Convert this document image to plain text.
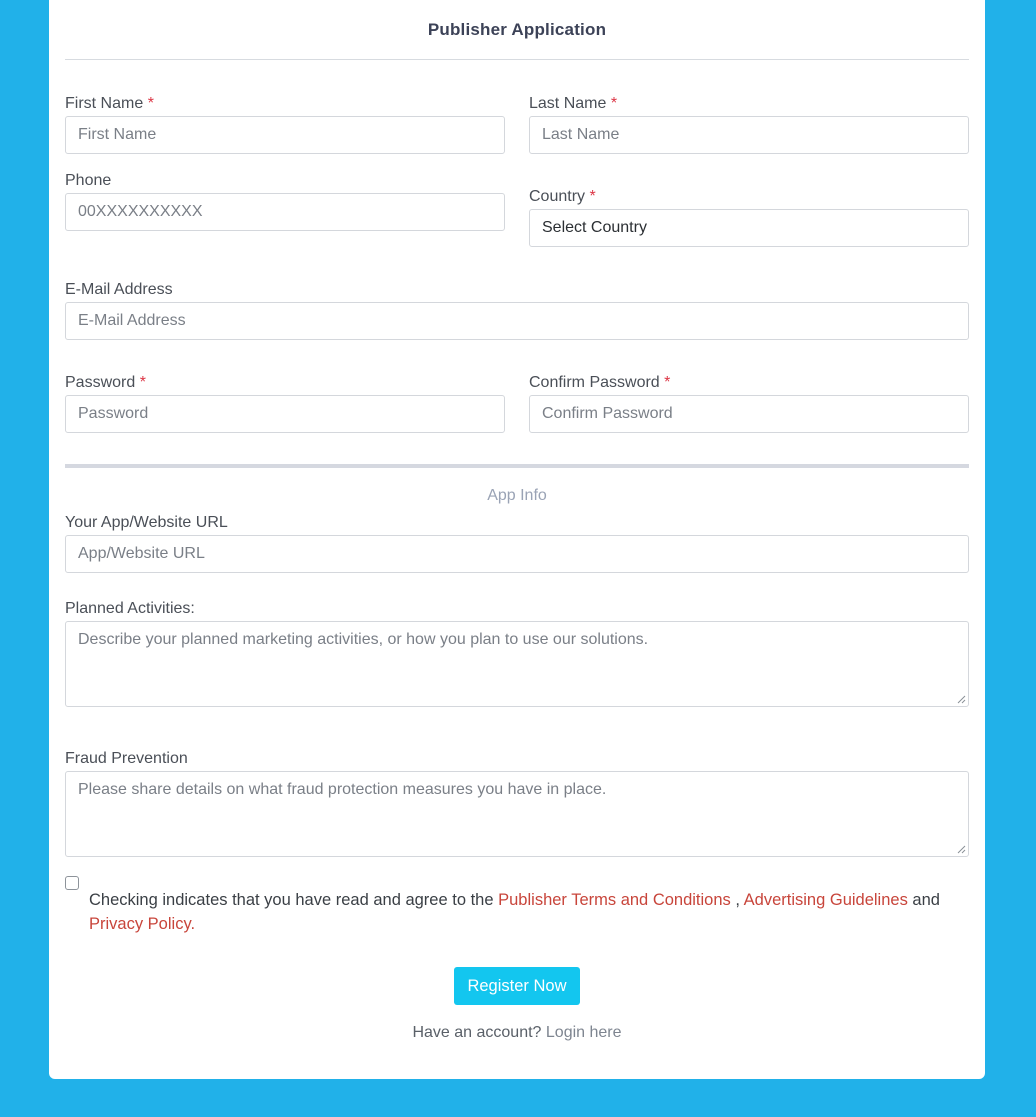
Publisher Application
First Name *
First Name
Last Name *
Last Name
Phone
00XXXXXXXXXX
Country *
Select Country
E-Mail Address
E-Mail Address
Password *
Password
Confirm Password *
Confirm Password
App Info
Your App/Website URL
App/Website URL
Planned Activities:
Describe your planned marketing activities, or how you plan to use our solutions.
Fraud Prevention
Please share details on what fraud protection measures you have in place.
Checking indicates that you have read and agree to the Publisher Terms and Conditions , Advertising Guidelines and Privacy Policy.
Register Now
Have an account? Login here
